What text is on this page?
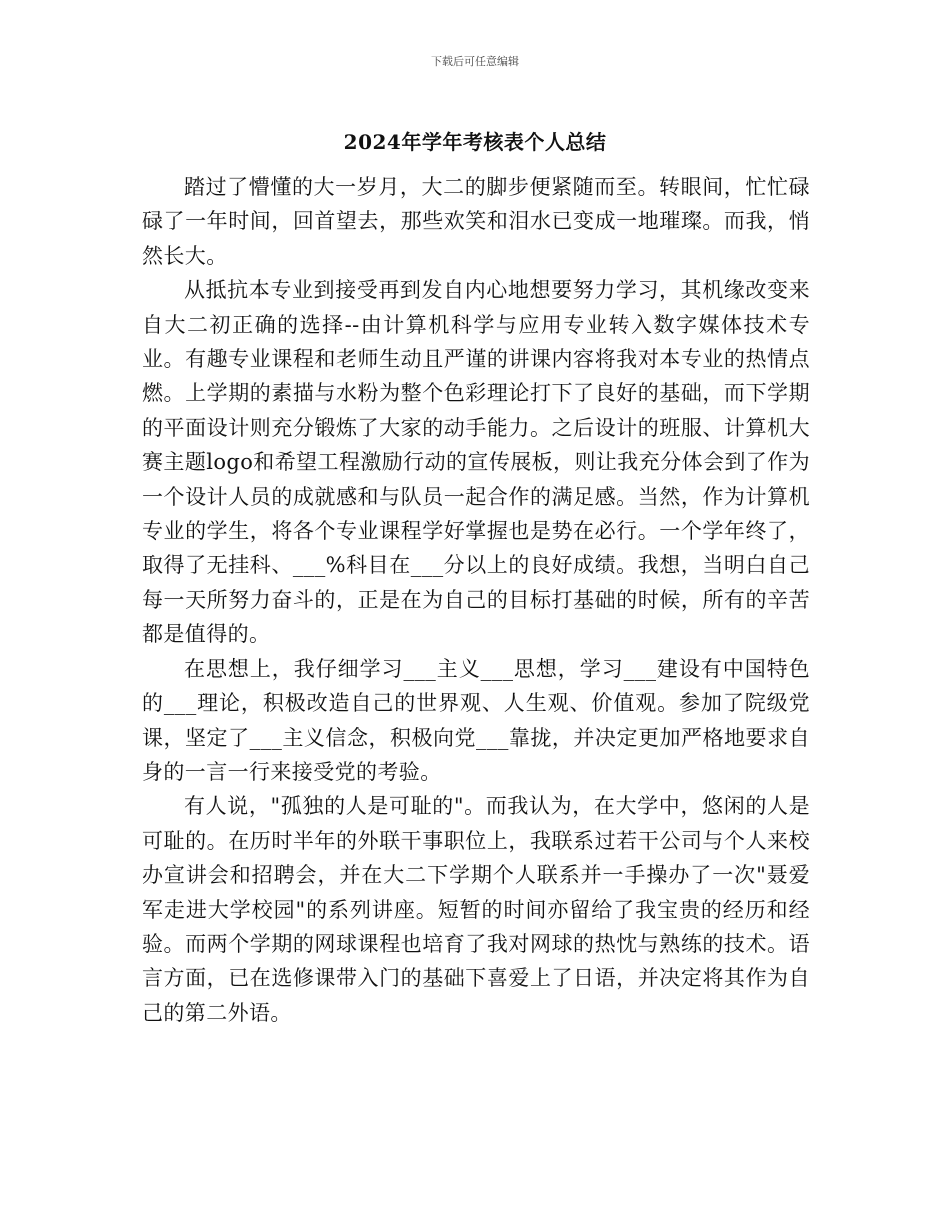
下载后可任意编辑
2024年学年考核表个人总结

踏过了懵懂的大一岁月，大二的脚步便紧随而至。转眼间，忙忙碌碌了一年时间，回首望去，那些欢笑和泪水已变成一地璀璨。而我，悄然长大。

从抵抗本专业到接受再到发自内心地想要努力学习，其机缘改变来自大二初正确的选择--由计算机科学与应用专业转入数字媒体技术专业。有趣专业课程和老师生动且严谨的讲课内容将我对本专业的热情点燃。上学期的素描与水粉为整个色彩理论打下了良好的基础，而下学期的平面设计则充分锻炼了大家的动手能力。之后设计的班服、计算机大赛主题logo和希望工程激励行动的宣传展板，则让我充分体会到了作为一个设计人员的成就感和与队员一起合作的满足感。当然，作为计算机专业的学生，将各个专业课程学好掌握也是势在必行。一个学年终了，取得了无挂科、___%科目在___分以上的良好成绩。我想，当明白自己每一天所努力奋斗的，正是在为自己的目标打基础的时候，所有的辛苦都是值得的。

在思想上，我仔细学习___主义___思想，学习___建设有中国特色的___理论，积极改造自己的世界观、人生观、价值观。参加了院级党课，坚定了___主义信念，积极向党___靠拢，并决定更加严格地要求自身的一言一行来接受党的考验。

有人说，"孤独的人是可耻的"。而我认为，在大学中，悠闲的人是可耻的。在历时半年的外联干事职位上，我联系过若干公司与个人来校办宣讲会和招聘会，并在大二下学期个人联系并一手操办了一次"聂爱军走进大学校园"的系列讲座。短暂的时间亦留给了我宝贵的经历和经验。而两个学期的网球课程也培育了我对网球的热忱与熟练的技术。语言方面，已在选修课带入门的基础下喜爱上了日语，并决定将其作为自己的第二外语。
